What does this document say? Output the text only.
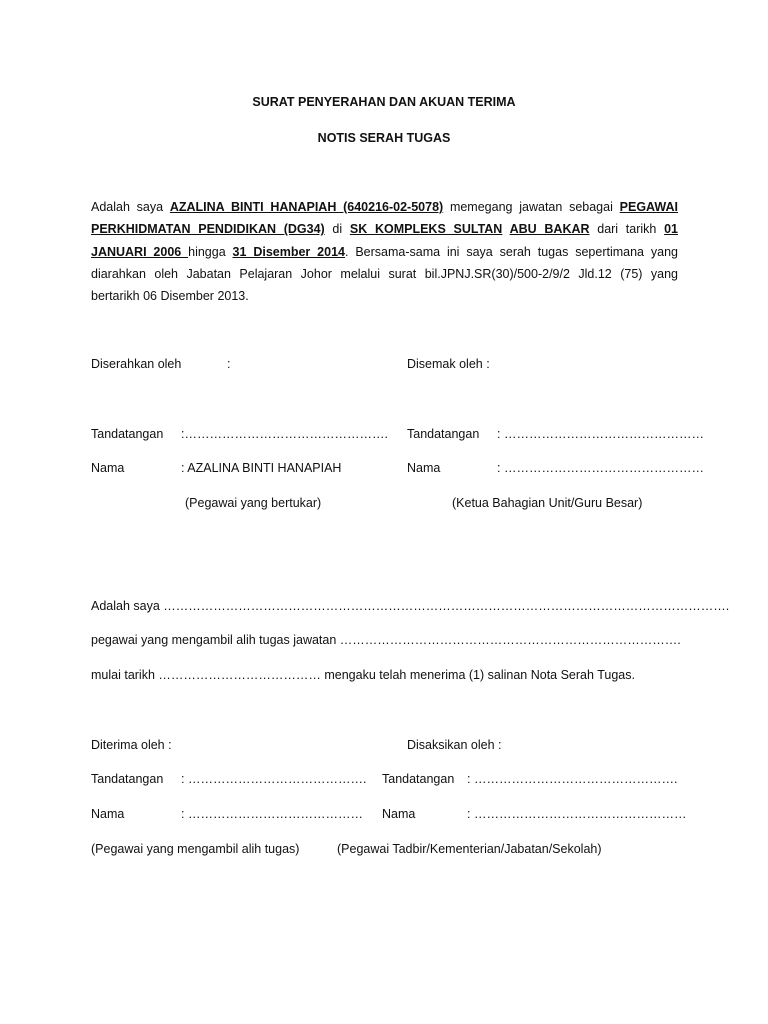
SURAT PENYERAHAN DAN AKUAN TERIMA
NOTIS SERAH TUGAS
Adalah saya AZALINA BINTI HANAPIAH (640216-02-5078) memegang jawatan sebagai PEGAWAI PERKHIDMATAN PENDIDIKAN (DG34) di SK KOMPLEKS SULTAN ABU BAKAR dari tarikh 01 JANUARI 2006 hingga 31 Disember 2014. Bersama-sama ini saya serah tugas sepertimana yang diarahkan oleh Jabatan Pelajaran Johor melalui surat bil.JPNJ.SR(30)/500-2/9/2 Jld.12 (75) yang bertarikh 06 Disember 2013.
Diserahkan oleh	:	Disemak oleh :
Tandatangan :…………………………………………. Tandatangan : …………………………………………
Nama	: AZALINA BINTI HANAPIAH	Nama	: …………………………………………
(Pegawai yang bertukar)	(Ketua Bahagian Unit/Guru Besar)
Adalah saya ……………………………………………………………………………………………………………………….
pegawai yang mengambil alih tugas jawatan ……………………………………………………………………….
mulai tarikh ………………………………… mengaku telah menerima (1) salinan Nota Serah Tugas.
Diterima oleh :	Disaksikan oleh :
Tandatangan : ……………………………………. Tandatangan : ………………………………………….
Nama	: …………………………………… Nama	: ……………………………………………
(Pegawai yang mengambil alih tugas)	(Pegawai Tadbir/Kementerian/Jabatan/Sekolah)
